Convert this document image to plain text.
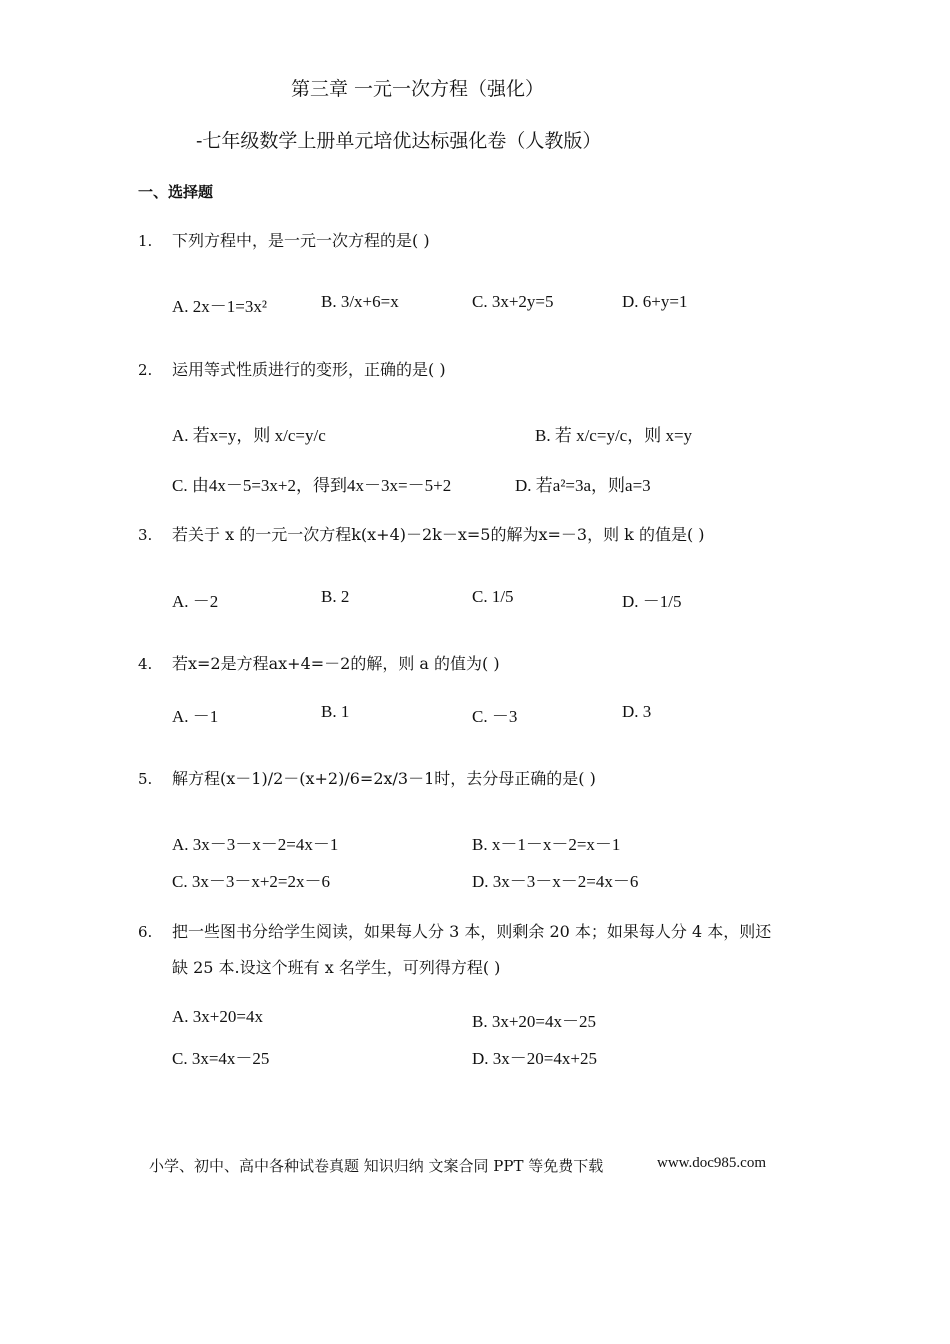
第三章 一元一次方程（强化）
-七年级数学上册单元培优达标强化卷（人教版）
一、选择题
1. 下列方程中，是一元一次方程的是( )
A. 2x－1=3x²	B. 3/x+6=x	C. 3x+2y=5	D. 6+y=1
2. 运用等式性质进行的变形，正确的是( )
A. 若x=y，则 x/c=y/c	B. 若 x/c=y/c，则 x=y
C. 由4x－5=3x+2，得到4x－3x=－5+2	D. 若a²=3a，则a=3
3. 若关于 x 的一元一次方程k(x+4)－2k－x=5的解为x=－3，则 k 的值是( )
A. －2	B. 2	C. 1/5	D. －1/5
4. 若x=2是方程ax+4=－2的解，则 a 的值为( )
A. －1	B. 1	C. －3	D. 3
5. 解方程(x－1)/2－(x+2)/6=2x/3－1时，去分母正确的是( )
A. 3x－3－x－2=4x－1	B. x－1－x－2=x－1
C. 3x－3－x+2=2x－6	D. 3x－3－x－2=4x－6
6. 把一些图书分给学生阅读，如果每人分 3 本，则剩余 20 本；如果每人分 4 本，则还
缺 25 本.设这个班有 x 名学生，可列得方程( )
A. 3x+20=4x	B. 3x+20=4x－25
C. 3x=4x－25	D. 3x－20=4x+25
小学、初中、高中各种试卷真题 知识归纳 文案合同 PPT 等免费下载	www.doc985.com
